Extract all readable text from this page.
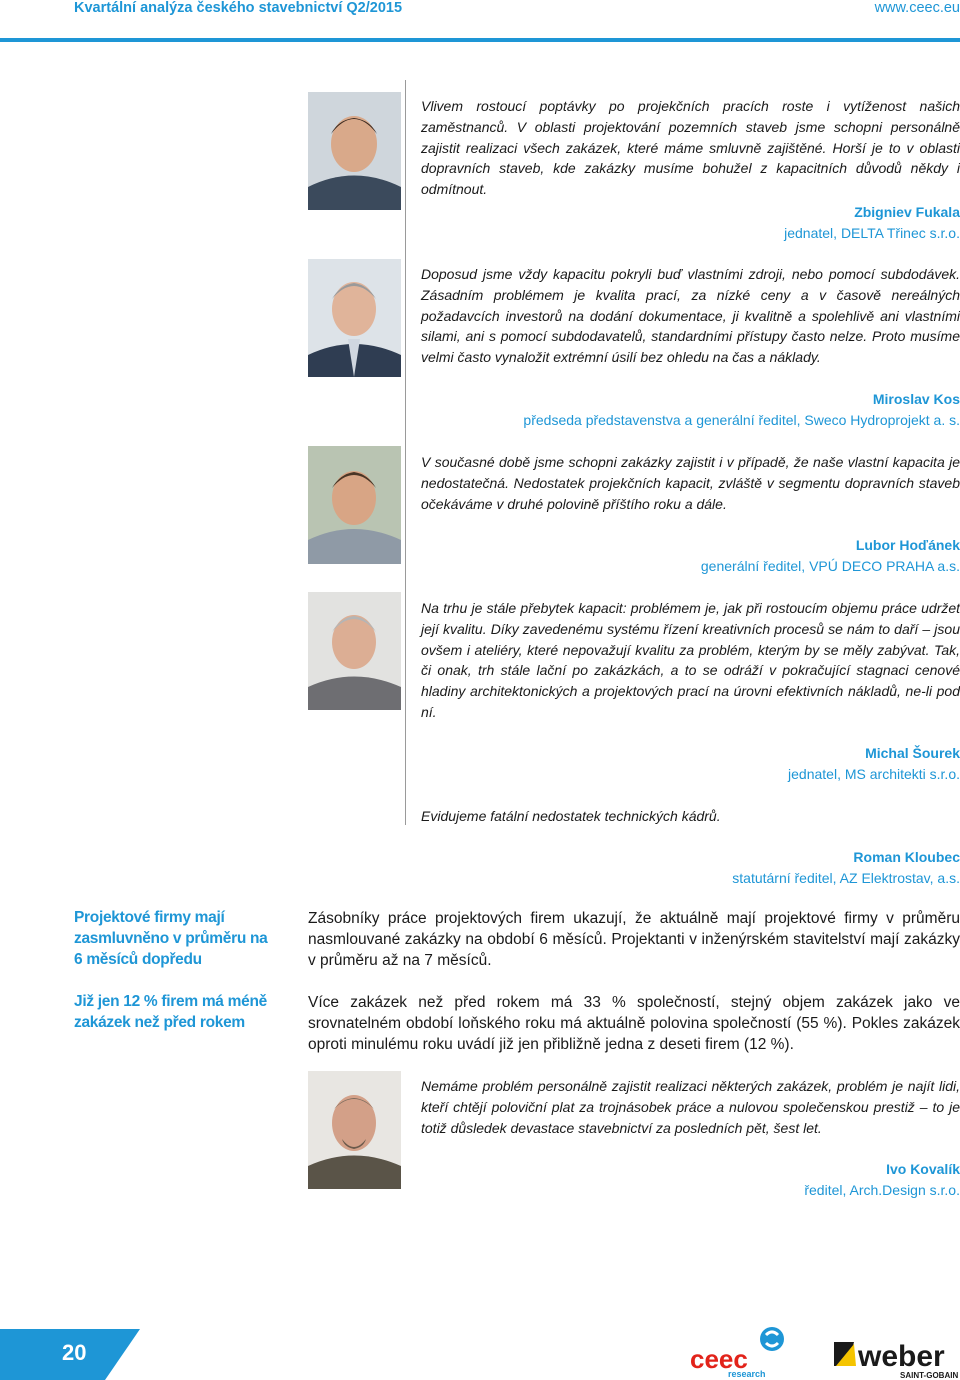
Kvartální analýza českého stavebnictví Q2/2015	www.ceec.eu
Vlivem rostoucí poptávky po projekčních pracích roste i vytíženost našich zaměstnanců. V oblasti projektování pozemních staveb jsme schopni personálně zajistit realizaci všech zakázek, které máme smluvně zajištěné. Horší je to v oblasti dopravních staveb, kde zakázky musíme bohužel z kapacitních důvodů někdy i odmítnout.
Zbigniev Fukala
jednatel, DELTA Třinec s.r.o.
Doposud jsme vždy kapacitu pokryli buď vlastními zdroji, nebo pomocí subdodávek. Zásadním problémem je kvalita prací, za nízké ceny a v časově nereálných požadavcích investorů na dodání dokumentace, ji kvalitně a spolehlivě ani vlastními silami, ani s pomocí subdodavatelů, standardními přístupy často nelze. Proto musíme velmi často vynaložit extrémní úsilí bez ohledu na čas a náklady.
Miroslav Kos
předseda představenstva a generální ředitel, Sweco Hydroprojekt a. s.
V současné době jsme schopni zakázky zajistit i v případě, že naše vlastní kapacita je nedostatečná. Nedostatek projekčních kapacit, zvláště v segmentu dopravních staveb očekáváme v druhé polovině příštího roku a dále.
Lubor Hoďánek
generální ředitel, VPÚ DECO PRAHA a.s.
Na trhu je stále přebytek kapacit: problémem je, jak při rostoucím objemu práce udržet její kvalitu. Díky zavedenému systému řízení kreativních procesů se nám to daří – jsou ovšem i ateliéry, které nepovažují kvalitu za problém, kterým by se měly zabývat. Tak, či onak, trh stále lační po zakázkách, a to se odráží v pokračující stagnaci cenové hladiny architektonických a projektových prací na úrovni efektivních nákladů, ne-li pod ní.
Michal Šourek
jednatel, MS architekti s.r.o.
Evidujeme fatální nedostatek technických kádrů.
Roman Kloubec
statutární ředitel, AZ Elektrostav, a.s.
Projektové firmy mají zasmluvněno v průměru na 6 měsíců dopředu
Již jen 12 % firem má méně zakázek než před rokem
Zásobníky práce projektových firem ukazují, že aktuálně mají projektové firmy v průměru nasmlouvané zakázky na období 6 měsíců. Projektanti v inženýrském stavitelství mají zakázky v průměru až na 7 měsíců.
Více zakázek než před rokem má 33 % společností, stejný objem zakázek jako ve srovnatelném období loňského roku má aktuálně polovina společností (55 %). Pokles zakázek oproti minulému roku uvádí již jen přibližně jedna z deseti firem (12 %).
Nemáme problém personálně zajistit realizaci některých zakázek, problém je najít lidi, kteří chtějí poloviční plat za trojnásobek práce a nulovou společenskou prestiž – to je totiž důsledek devastace stavebnictví za posledních pět, šest let.
Ivo Kovalík
ředitel, Arch.Design s.r.o.
20	ceec
research
weber
SAINT-GOBAIN
